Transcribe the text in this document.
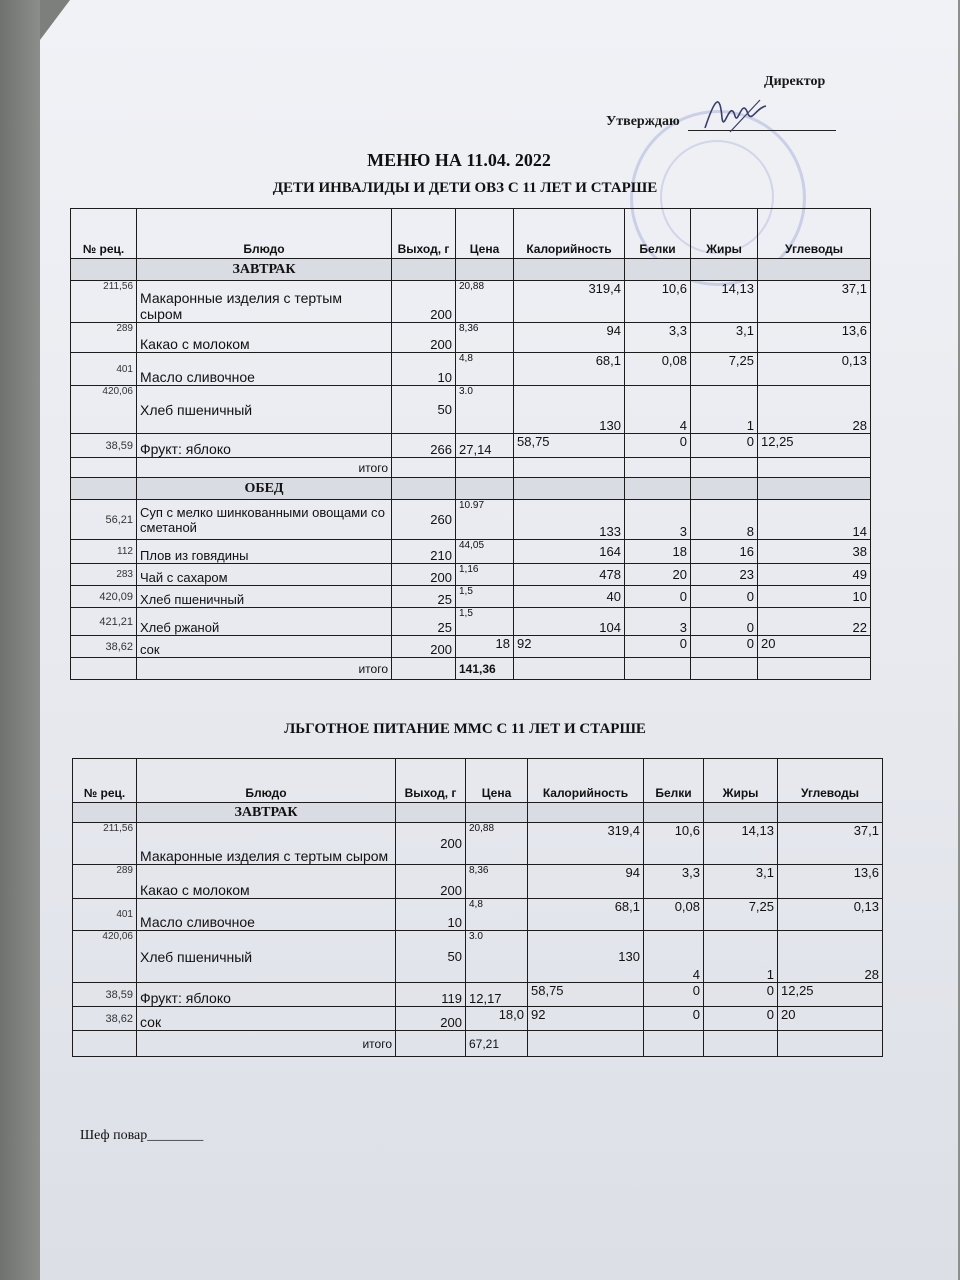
Директор
Утверждаю
МЕНЮ НА 11.04. 2022
ДЕТИ ИНВАЛИДЫ И ДЕТИ ОВЗ С 11 ЛЕТ И СТАРШЕ
№ рец.	Блюдо	Выход, г	Цена	Калорийность	Белки	Жиры	Углеводы
	ЗАВТРАК						
211,56	Макаронные изделия с тертым сыром	200	20,88	319,4	10,6	14,13	37,1
289	Какао с молоком	200	8,36	94	3,3	3,1	13,6
401	Масло сливочное	10	4,8	68,1	0,08	7,25	0,13
420,06	Хлеб пшеничный	50	3.0	130	4	1	28
38,59	Фрукт: яблоко	266	27,14	58,75	0	0	12,25
	итого						
	ОБЕД						
56,21	Суп с мелко шинкованными овощами со сметаной	260	10.97	133	3	8	14
112	Плов из говядины	210	44,05	164	18	16	38
283	Чай с сахаром	200	1,16	478	20	23	49
420,09	Хлеб пшеничный	25	1,5	40	0	0	10
421,21	Хлеб ржаной	25	1,5	104	3	0	22
38,62	сок	200	18	92	0	0	20
	итого		141,36				
ЛЬГОТНОЕ ПИТАНИЕ ММС С 11 ЛЕТ И СТАРШЕ
№ рец.	Блюдо	Выход, г	Цена	Калорийность	Белки	Жиры	Углеводы
	ЗАВТРАК						
211,56	Макаронные изделия с тертым сыром	200	20,88	319,4	10,6	14,13	37,1
289	Какао с молоком	200	8,36	94	3,3	3,1	13,6
401	Масло сливочное	10	4,8	68,1	0,08	7,25	0,13
420,06	Хлеб пшеничный	50	3.0	130	4	1	28
38,59	Фрукт: яблоко	119	12,17	58,75	0	0	12,25
38,62	сок	200	18,0	92	0	0	20
	итого		67,21				
Шеф повар________
